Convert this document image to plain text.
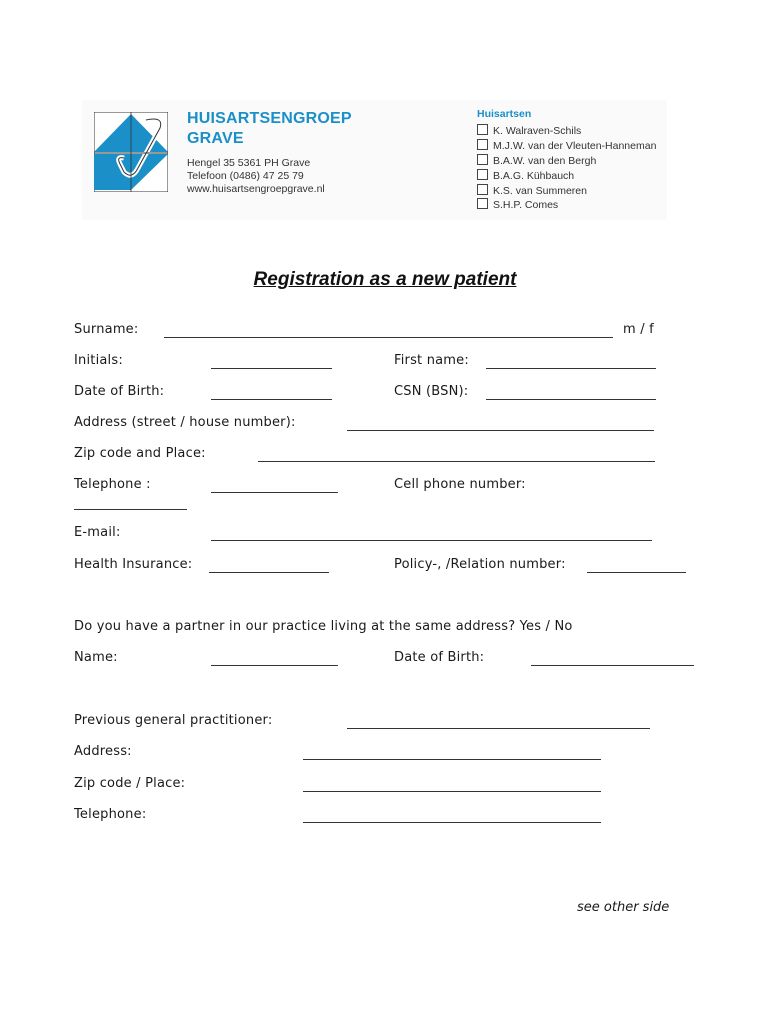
HUISARTSENGROEP
GRAVE
Hengel 35 5361 PH Grave
Telefoon (0486) 47 25 79
www.huisartsengroepgrave.nl
Huisartsen
K. Walraven-Schils
M.J.W. van der Vleuten-Hanneman
B.A.W. van den Bergh
B.A.G. Kühbauch
K.S. van Summeren
S.H.P. Comes
Registration as a new patient
Surname:	m / f
Initials:	First name:
Date of Birth:	CSN (BSN):
Address (street / house number):
Zip code and Place:
Telephone :	Cell phone number:
E-mail:
Health Insurance:	Policy-, /Relation number:
Do you have a partner in our practice living at the same address? Yes / No
Name:	Date of Birth:
Previous general practitioner:
Address:
Zip code / Place:
Telephone:
see other side
